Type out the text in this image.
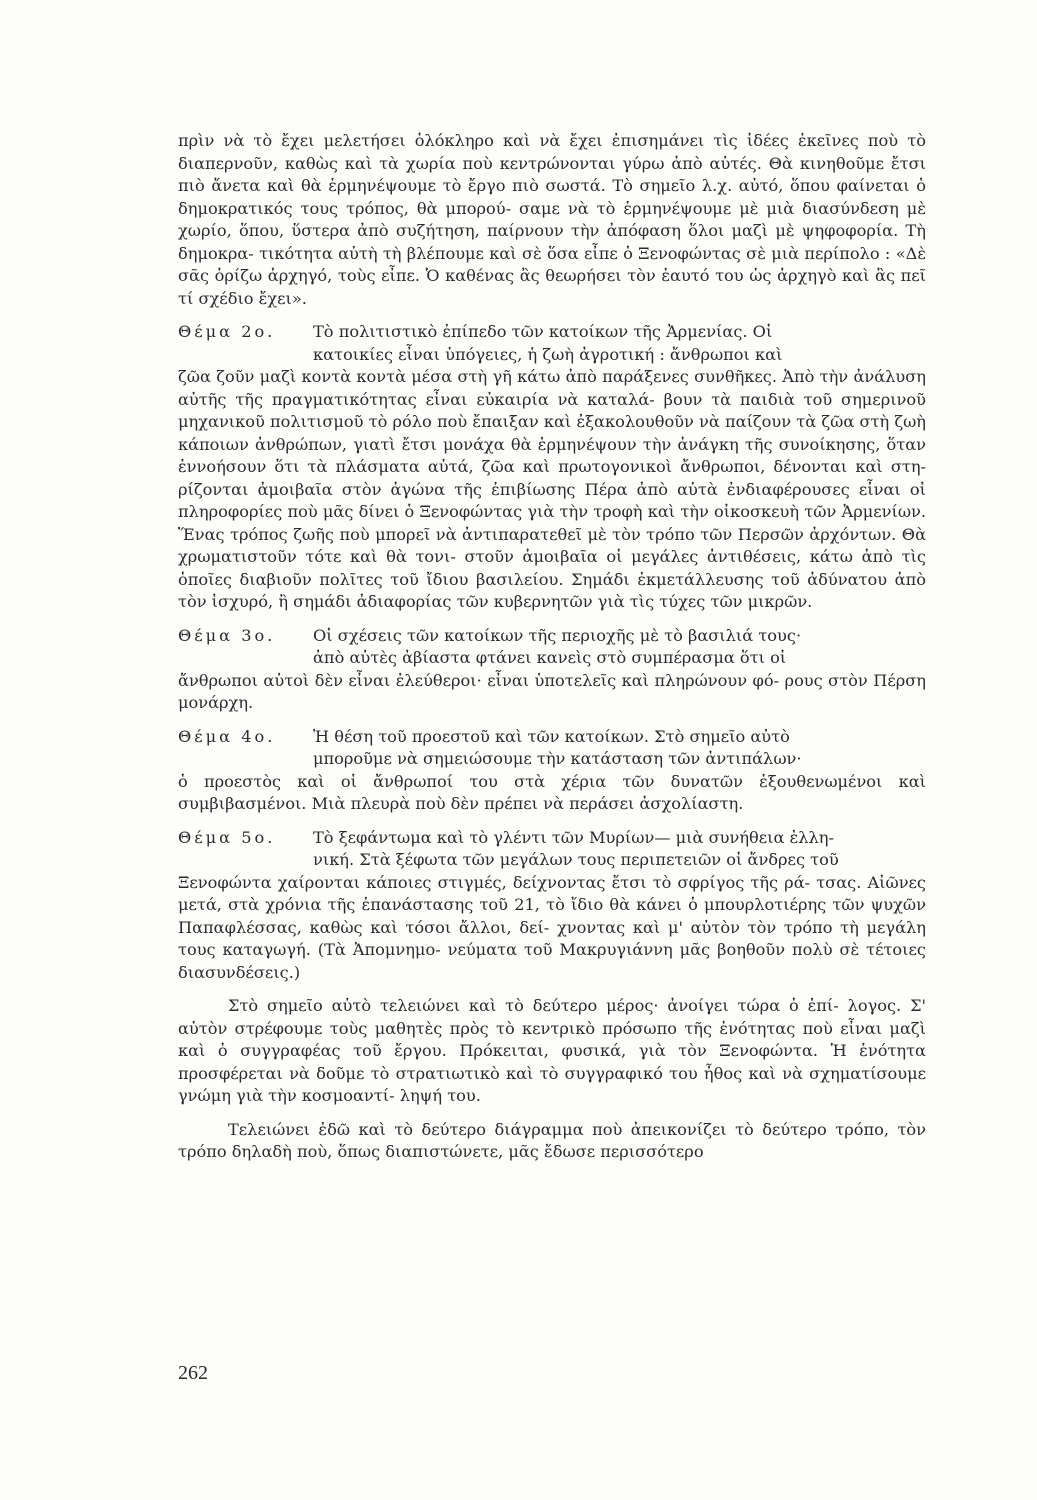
πρὶν νὰ τὸ ἔχει μελετήσει ὁλόκληρο καὶ νὰ ἔχει ἐπισημάνει τὶς ἰδέες ἐκεῖνες ποὺ τὸ διαπερνοῦν, καθὼς καὶ τὰ χωρία ποὺ κεντρώνονται γύρω ἀπὸ αὐτές. Θὰ κινηθοῦμε ἔτσι πιὸ ἄνετα καὶ θὰ ἑρμηνέψουμε τὸ ἔργο πιὸ σωστά. Τὸ σημεῖο λ.χ. αὐτό, ὅπου φαίνεται ὁ δημοκρατικός τους τρόπος, θὰ μπορού- σαμε νὰ τὸ ἑρμηνέψουμε μὲ μιὰ διασύνδεση μὲ χωρίο, ὅπου, ὕστερα ἀπὸ συζήτηση, παίρνουν τὴν ἀπόφαση ὅλοι μαζὶ μὲ ψηφοφορία. Τὴ δημοκρα- τικότητα αὐτὴ τὴ βλέπουμε καὶ σὲ ὅσα εἶπε ὁ Ξενοφώντας σὲ μιὰ περίπολο : «Δὲ σᾶς ὁρίζω ἀρχηγό, τοὺς εἶπε. Ὁ καθένας ἂς θεωρήσει τὸν ἑαυτό του ὡς ἀρχηγὸ καὶ ἂς πεῖ τί σχέδιο ἔχει».

Θέμα 2ο. Τὸ πολιτιστικὸ ἐπίπεδο τῶν κατοίκων τῆς Ἀρμενίας. Οἱ
κατοικίες εἶναι ὑπόγειες, ἡ ζωὴ ἀγροτική : ἄνθρωποι καὶ

ζῶα ζοῦν μαζὶ κοντὰ κοντὰ μέσα στὴ γῆ κάτω ἀπὸ παράξενες συνθῆκες. Ἀπὸ τὴν ἀνάλυση αὐτῆς τῆς πραγματικότητας εἶναι εὐκαιρία νὰ καταλά- βουν τὰ παιδιὰ τοῦ σημερινοῦ μηχανικοῦ πολιτισμοῦ τὸ ρόλο ποὺ ἔπαιξαν καὶ ἐξακολουθοῦν νὰ παίζουν τὰ ζῶα στὴ ζωὴ κάποιων ἀνθρώπων, γιατὶ ἔτσι μονάχα θὰ ἑρμηνέψουν τὴν ἀνάγκη τῆς συνοίκησης, ὅταν ἐννοήσουν ὅτι τὰ πλάσματα αὐτά, ζῶα καὶ πρωτογονικοὶ ἄνθρωποι, δένονται καὶ στη- ρίζονται ἀμοιβαῖα στὸν ἀγώνα τῆς ἐπιβίωσης Πέρα ἀπὸ αὐτὰ ἐνδιαφέρουσες εἶναι οἱ πληροφορίες ποὺ μᾶς δίνει ὁ Ξενοφώντας γιὰ τὴν τροφὴ καὶ τὴν οἰκοσκευὴ τῶν Ἀρμενίων. Ἕνας τρόπος ζωῆς ποὺ μπορεῖ νὰ ἀντιπαρατεθεῖ μὲ τὸν τρόπο τῶν Περσῶν ἀρχόντων. Θὰ χρωματιστοῦν τότε καὶ θὰ τονι- στοῦν ἀμοιβαῖα οἱ μεγάλες ἀντιθέσεις, κάτω ἀπὸ τὶς ὁποῖες διαβιοῦν πολῖτες τοῦ ἴδιου βασιλείου. Σημάδι ἐκμετάλλευσης τοῦ ἀδύνατου ἀπὸ τὸν ἰσχυρό, ἢ σημάδι ἀδιαφορίας τῶν κυβερνητῶν γιὰ τὶς τύχες τῶν μικρῶν.

Θέμα 3ο. Οἱ σχέσεις τῶν κατοίκων τῆς περιοχῆς μὲ τὸ βασιλιά τους·
ἀπὸ αὐτὲς ἀβίαστα φτάνει κανεὶς στὸ συμπέρασμα ὅτι οἱ

ἄνθρωποι αὐτοὶ δὲν εἶναι ἐλεύθεροι· εἶναι ὑποτελεῖς καὶ πληρώνουν φό- ρους στὸν Πέρση μονάρχη.

Θέμα 4ο. Ἡ θέση τοῦ προεστοῦ καὶ τῶν κατοίκων. Στὸ σημεῖο αὐτὸ
μποροῦμε νὰ σημειώσουμε τὴν κατάσταση τῶν ἀντιπάλων·

ὁ προεστὸς καὶ οἱ ἄνθρωποί του στὰ χέρια τῶν δυνατῶν ἐξουθενωμένοι καὶ συμβιβασμένοι. Μιὰ πλευρὰ ποὺ δὲν πρέπει νὰ περάσει ἀσχολίαστη.

Θέμα 5ο. Τὸ ξεφάντωμα καὶ τὸ γλέντι τῶν Μυρίων— μιὰ συνήθεια ἑλλη-
νική. Στὰ ξέφωτα τῶν μεγάλων τους περιπετειῶν οἱ ἄνδρες τοῦ

Ξενοφώντα χαίρονται κάποιες στιγμές, δείχνοντας ἔτσι τὸ σφρίγος τῆς ρά- τσας. Αἰῶνες μετά, στὰ χρόνια τῆς ἐπανάστασης τοῦ 21, τὸ ἴδιο θὰ κάνει ὁ μπουρλοτιέρης τῶν ψυχῶν Παπαφλέσσας, καθὼς καὶ τόσοι ἄλλοι, δεί- χνοντας καὶ μ' αὐτὸν τὸν τρόπο τὴ μεγάλη τους καταγωγή. (Τὰ Ἀπομνημο- νεύματα τοῦ Μακρυγιάννη μᾶς βοηθοῦν πολὺ σὲ τέτοιες διασυνδέσεις.)

Στὸ σημεῖο αὐτὸ τελειώνει καὶ τὸ δεύτερο μέρος· ἀνοίγει τώρα ὁ ἐπί- λογος. Σ' αὐτὸν στρέφουμε τοὺς μαθητὲς πρὸς τὸ κεντρικὸ πρόσωπο τῆς ἑνότητας ποὺ εἶναι μαζὶ καὶ ὁ συγγραφέας τοῦ ἔργου. Πρόκειται, φυσικά, γιὰ τὸν Ξενοφώντα. Ἡ ἑνότητα προσφέρεται νὰ δοῦμε τὸ στρατιωτικὸ καὶ τὸ συγγραφικό του ἦθος καὶ νὰ σχηματίσουμε γνώμη γιὰ τὴν κοσμοαντί- ληψή του.

Τελειώνει ἐδῶ καὶ τὸ δεύτερο διάγραμμα ποὺ ἀπεικονίζει τὸ δεύτερο τρόπο, τὸν τρόπο δηλαδὴ ποὺ, ὅπως διαπιστώνετε, μᾶς ἔδωσε περισσότερο

262
